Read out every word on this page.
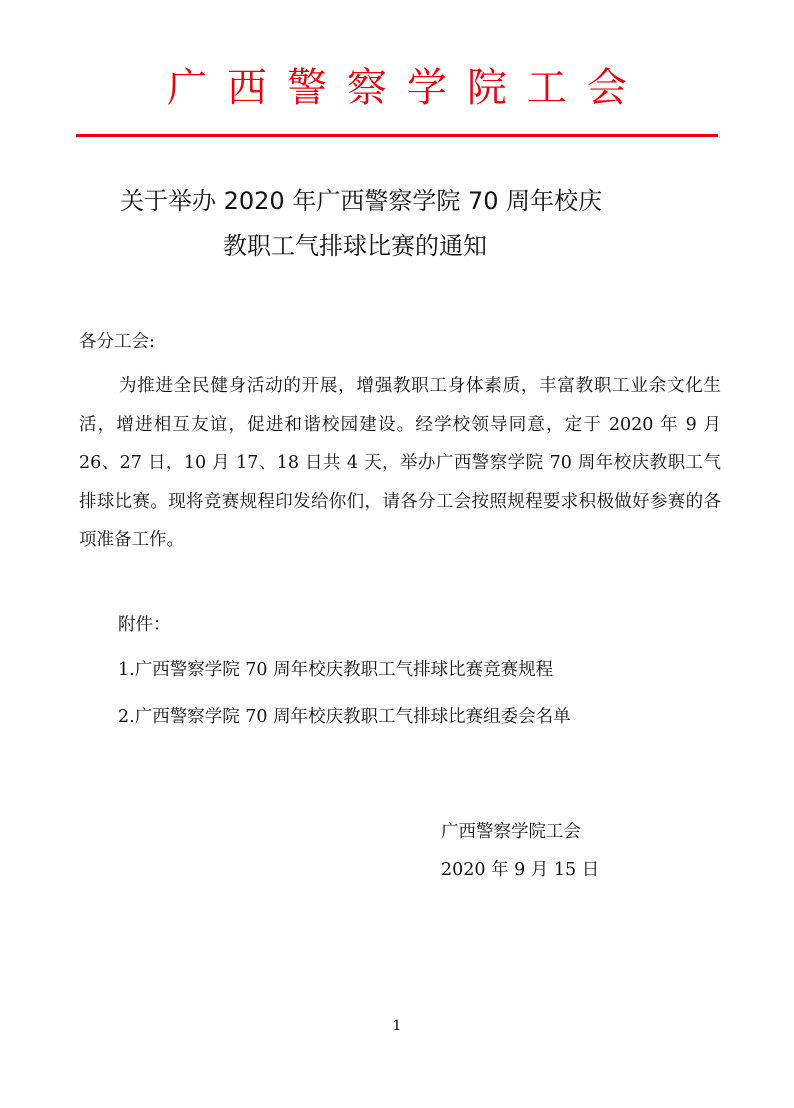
广西警察学院工会
关于举办 2020 年广西警察学院 70 周年校庆
教职工气排球比赛的通知
各分工会:
为推进全民健身活动的开展，增强教职工身体素质，丰富教职工业余文化生活，增进相互友谊，促进和谐校园建设。经学校领导同意，定于 2020 年 9 月 26、27 日，10 月 17、18 日共 4 天，举办广西警察学院 70 周年校庆教职工气排球比赛。现将竞赛规程印发给你们，请各分工会按照规程要求积极做好参赛的各项准备工作。
附件：
1.广西警察学院 70 周年校庆教职工气排球比赛竞赛规程
2.广西警察学院 70 周年校庆教职工气排球比赛组委会名单
广西警察学院工会
2020 年 9 月 15 日
1
